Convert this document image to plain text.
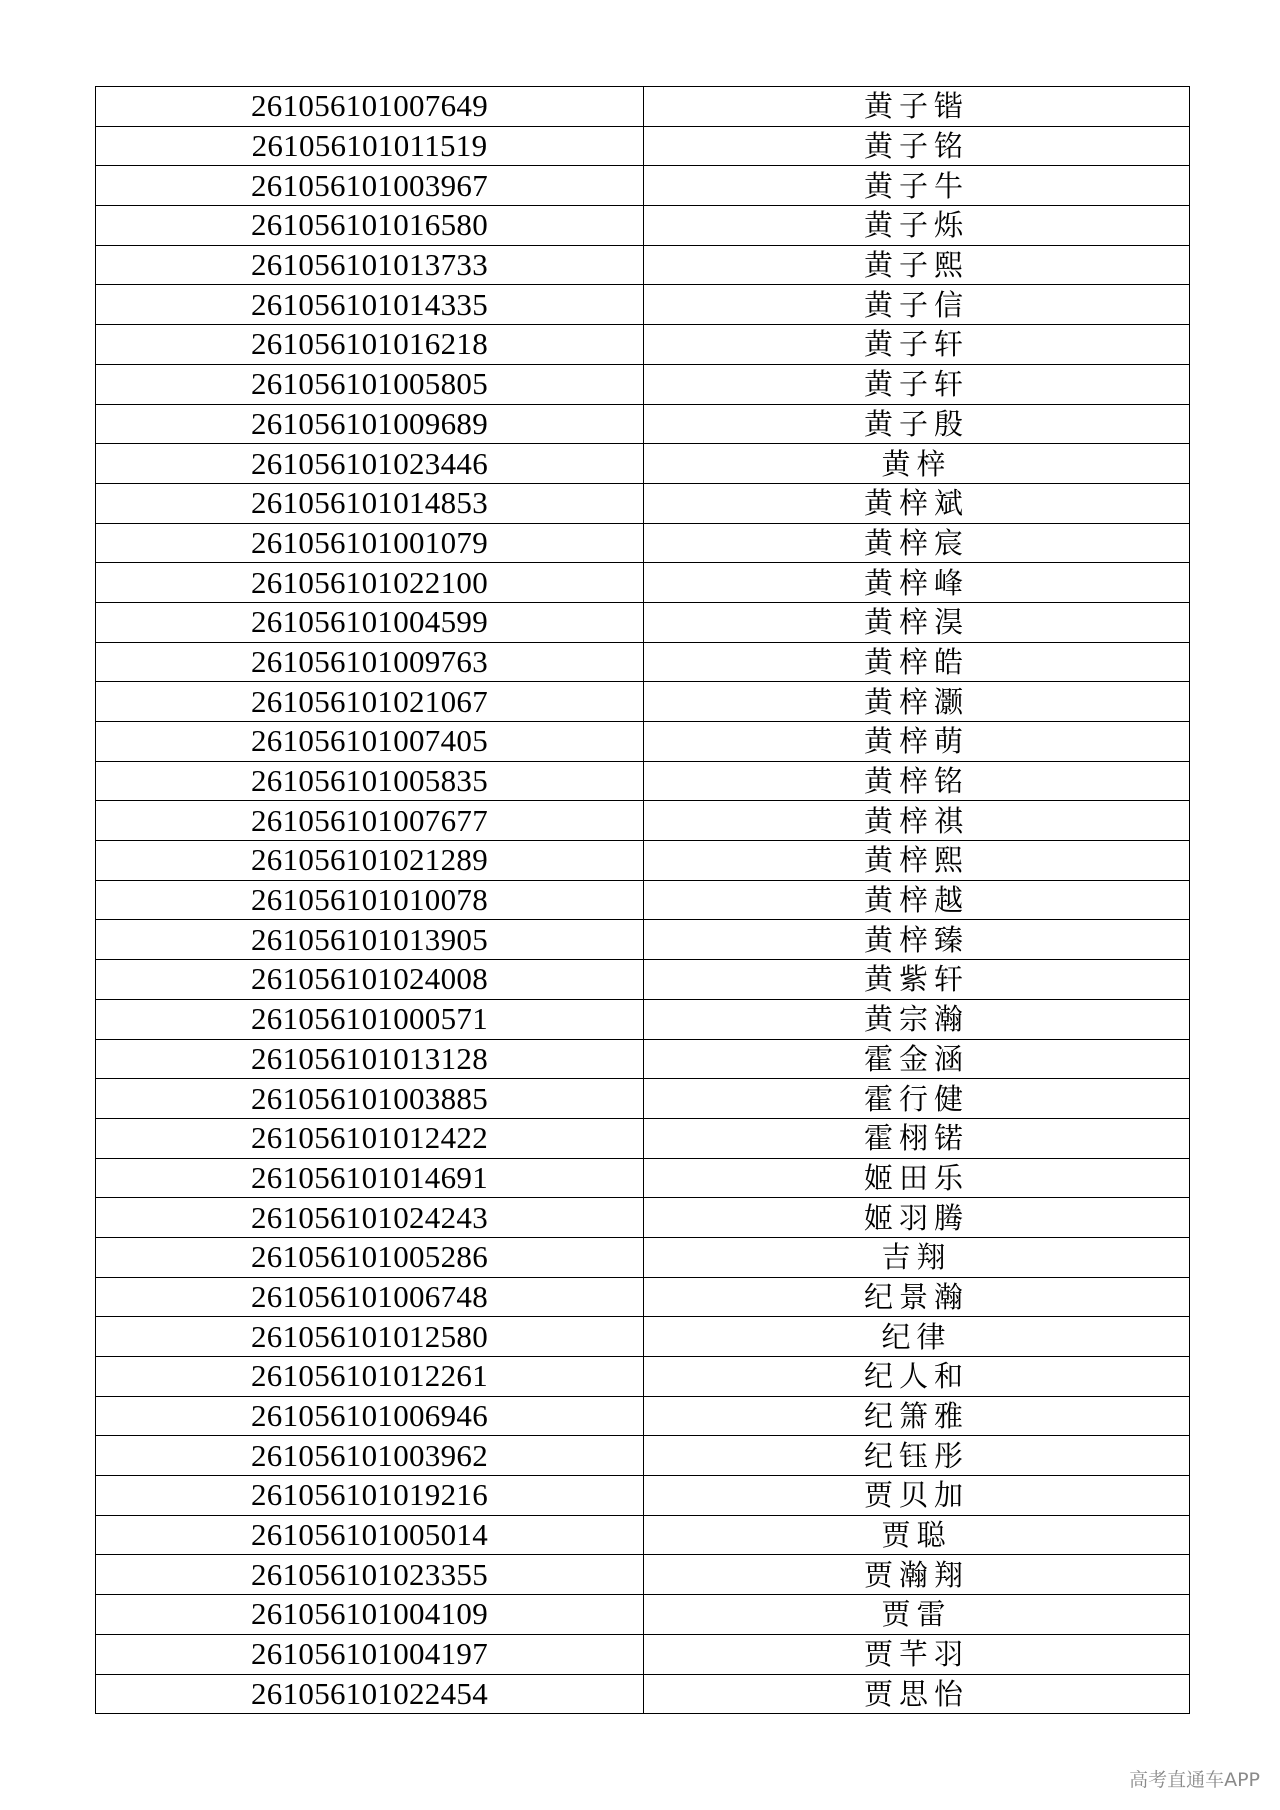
261056101007649	黄子锴
261056101011519	黄子铭
261056101003967	黄子牛
261056101016580	黄子烁
261056101013733	黄子熙
261056101014335	黄子信
261056101016218	黄子轩
261056101005805	黄子轩
261056101009689	黄子殷
261056101023446	黄梓
261056101014853	黄梓斌
261056101001079	黄梓宸
261056101022100	黄梓峰
261056101004599	黄梓淏
261056101009763	黄梓皓
261056101021067	黄梓灏
261056101007405	黄梓萌
261056101005835	黄梓铭
261056101007677	黄梓祺
261056101021289	黄梓熙
261056101010078	黄梓越
261056101013905	黄梓臻
261056101024008	黄紫轩
261056101000571	黄宗瀚
261056101013128	霍金涵
261056101003885	霍行健
261056101012422	霍栩锘
261056101014691	姬田乐
261056101024243	姬羽腾
261056101005286	吉翔
261056101006748	纪景瀚
261056101012580	纪律
261056101012261	纪人和
261056101006946	纪箫雅
261056101003962	纪钰彤
261056101019216	贾贝加
261056101005014	贾聪
261056101023355	贾瀚翔
261056101004109	贾雷
261056101004197	贾芊羽
261056101022454	贾思怡
高考直通车APP
